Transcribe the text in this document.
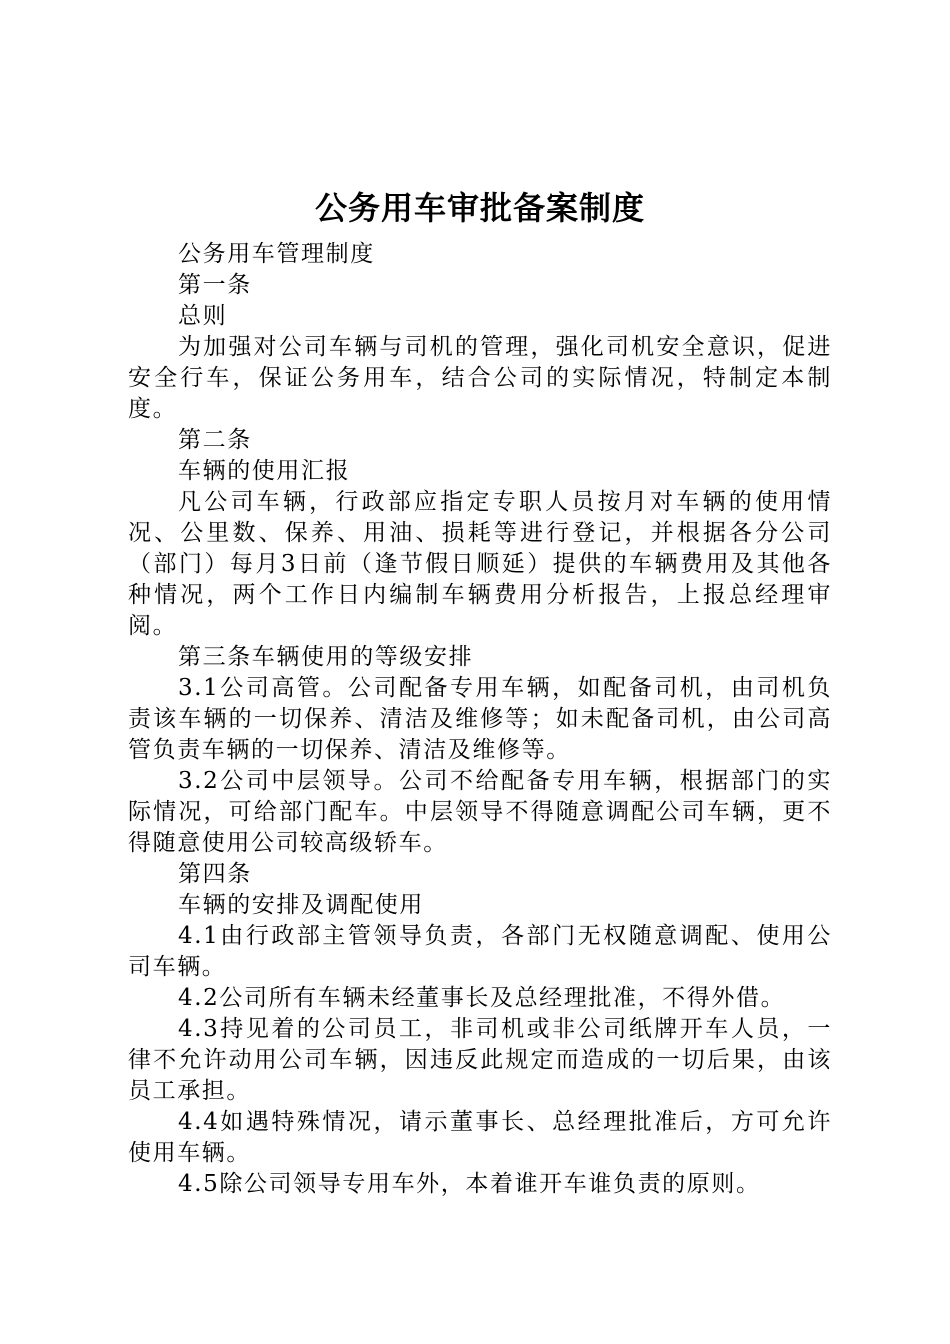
公务用车审批备案制度

公务用车管理制度

第一条

总则

为加强对公司车辆与司机的管理，强化司机安全意识，促进安全行车，保证公务用车，结合公司的实际情况，特制定本制度。

第二条

车辆的使用汇报

凡公司车辆，行政部应指定专职人员按月对车辆的使用情况、公里数、保养、用油、损耗等进行登记，并根据各分公司（部门）每月3日前（逢节假日顺延）提供的车辆费用及其他各种情况，两个工作日内编制车辆费用分析报告，上报总经理审阅。

第三条车辆使用的等级安排

3.1公司高管。公司配备专用车辆，如配备司机，由司机负责该车辆的一切保养、清洁及维修等；如未配备司机，由公司高管负责车辆的一切保养、清洁及维修等。

3.2公司中层领导。公司不给配备专用车辆，根据部门的实际情况，可给部门配车。中层领导不得随意调配公司车辆，更不得随意使用公司较高级轿车。

第四条

车辆的安排及调配使用

4.1由行政部主管领导负责，各部门无权随意调配、使用公司车辆。

4.2公司所有车辆未经董事长及总经理批准，不得外借。

4.3持见着的公司员工，非司机或非公司纸牌开车人员，一律不允许动用公司车辆，因违反此规定而造成的一切后果，由该员工承担。

4.4如遇特殊情况，请示董事长、总经理批准后，方可允许使用车辆。

4.5除公司领导专用车外，本着谁开车谁负责的原则。
